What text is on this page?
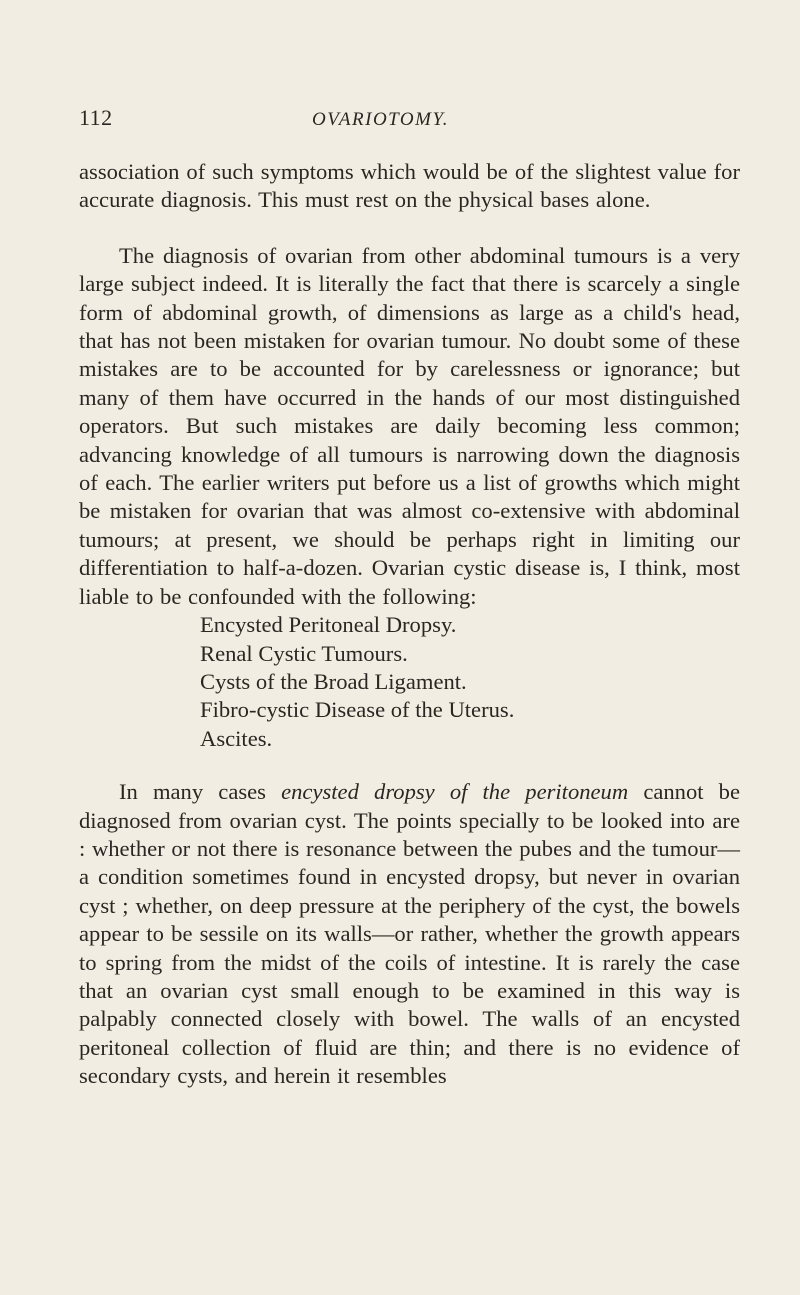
112	OVARIOTOMY.

association of such symptoms which would be of the slightest value for accurate diagnosis. This must rest on the physical bases alone.

The diagnosis of ovarian from other abdominal tumours is a very large subject indeed. It is literally the fact that there is scarcely a single form of abdominal growth, of dimensions as large as a child's head, that has not been mistaken for ovarian tumour. No doubt some of these mistakes are to be accounted for by carelessness or ignorance; but many of them have occurred in the hands of our most distinguished operators. But such mistakes are daily becoming less common; advancing knowledge of all tumours is narrowing down the diagnosis of each. The earlier writers put before us a list of growths which might be mistaken for ovarian that was almost co-extensive with abdominal tumours; at present, we should be perhaps right in limiting our differentiation to half-a-dozen. Ovarian cystic disease is, I think, most liable to be confounded with the following:

Encysted Peritoneal Dropsy.
Renal Cystic Tumours.
Cysts of the Broad Ligament.
Fibro-cystic Disease of the Uterus.
Ascites.

In many cases encysted dropsy of the peritoneum cannot be diagnosed from ovarian cyst. The points specially to be looked into are : whether or not there is resonance between the pubes and the tumour—a condition sometimes found in encysted dropsy, but never in ovarian cyst ; whether, on deep pressure at the periphery of the cyst, the bowels appear to be sessile on its walls—or rather, whether the growth appears to spring from the midst of the coils of intestine. It is rarely the case that an ovarian cyst small enough to be examined in this way is palpably connected closely with bowel. The walls of an encysted peritoneal collection of fluid are thin; and there is no evidence of secondary cysts, and herein it resembles
